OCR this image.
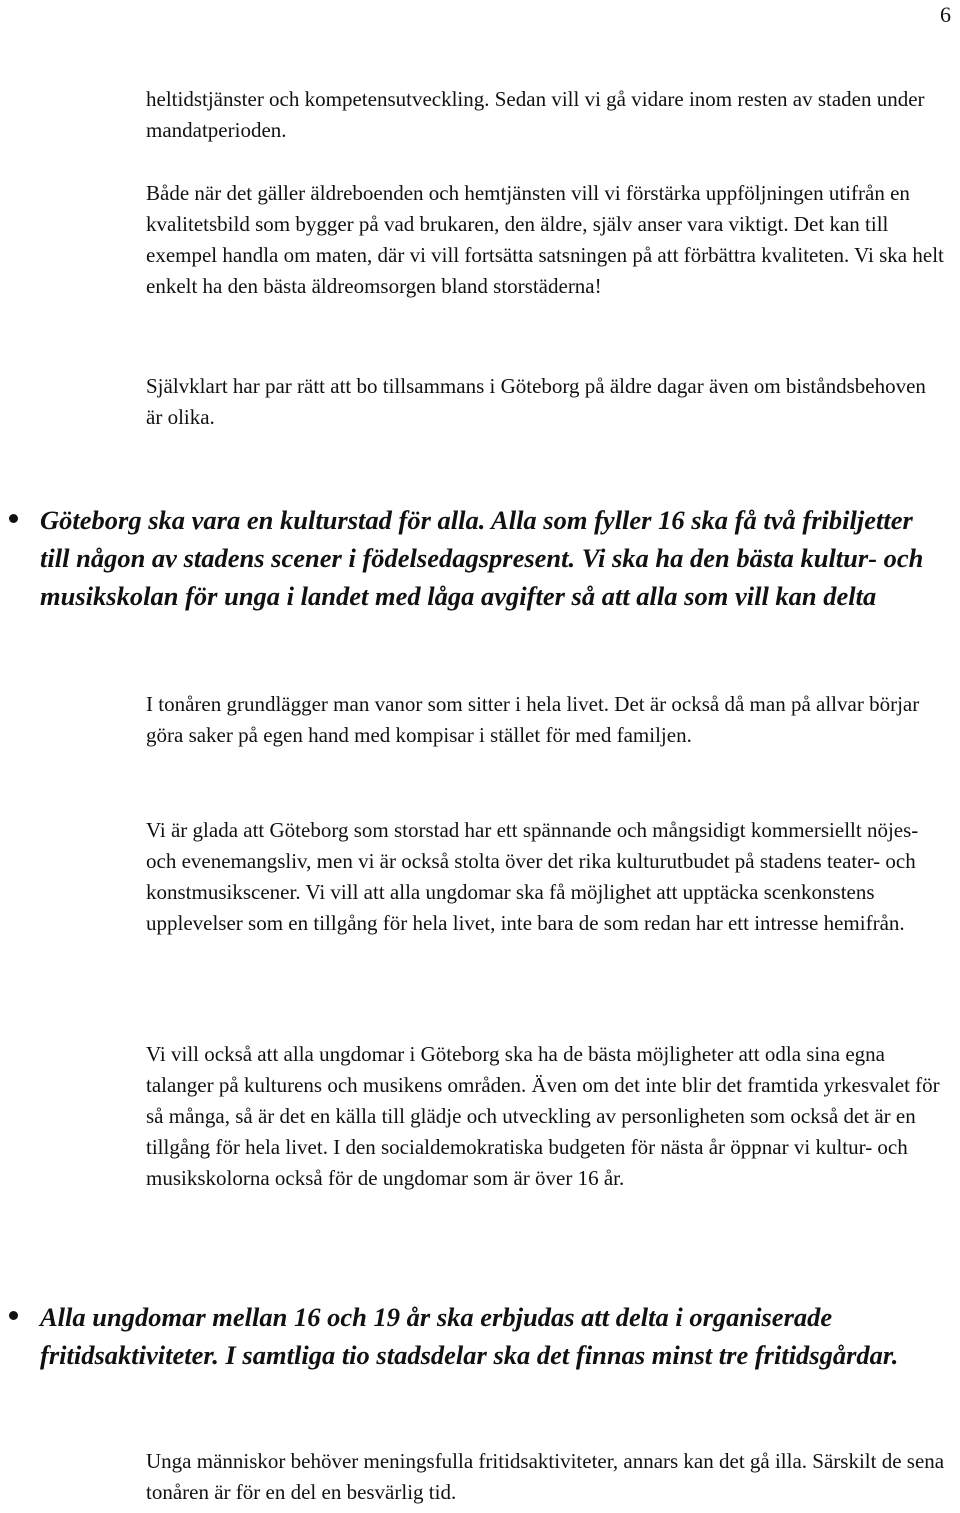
6

heltidstjänster och kompetensutveckling. Sedan vill vi gå vidare inom resten av staden under mandatperioden.

Både när det gäller äldreboenden och hemtjänsten vill vi förstärka uppföljningen utifrån en kvalitetsbild som bygger på vad brukaren, den äldre, själv anser vara viktigt. Det kan till exempel handla om maten, där vi vill fortsätta satsningen på att förbättra kvaliteten. Vi ska helt enkelt ha den bästa äldreomsorgen bland storstäderna!

Självklart har par rätt att bo tillsammans i Göteborg på äldre dagar även om biståndsbehoven är olika.

Göteborg ska vara en kulturstad för alla. Alla som fyller 16 ska få två fribiljetter till någon av stadens scener i födelsedagspresent. Vi ska ha den bästa kultur- och musikskolan för unga i landet med låga avgifter så att alla som vill kan delta

I tonåren grundlägger man vanor som sitter i hela livet. Det är också då man på allvar börjar göra saker på egen hand med kompisar i stället för med familjen.

Vi är glada att Göteborg som storstad har ett spännande och mångsidigt kommersiellt nöjes- och evenemangsliv, men vi är också stolta över det rika kulturutbudet på stadens teater- och konstmusikscener. Vi vill att alla ungdomar ska få möjlighet att upptäcka scenkonstens upplevelser som en tillgång för hela livet, inte bara de som redan har ett intresse hemifrån.

Vi vill också att alla ungdomar i Göteborg ska ha de bästa möjligheter att odla sina egna talanger på kulturens och musikens områden. Även om det inte blir det framtida yrkesvalet för så många, så är det en källa till glädje och utveckling av personligheten som också det är en tillgång för hela livet. I den socialdemokratiska budgeten för nästa år öppnar vi kultur- och musikskolorna också för de ungdomar som är över 16 år.

Alla ungdomar mellan 16 och 19 år ska erbjudas att delta i organiserade fritidsaktiviteter. I samtliga tio stadsdelar ska det finnas minst tre fritidsgårdar.

Unga människor behöver meningsfulla fritidsaktiviteter, annars kan det gå illa. Särskilt de sena tonåren är för en del en besvärlig tid.
